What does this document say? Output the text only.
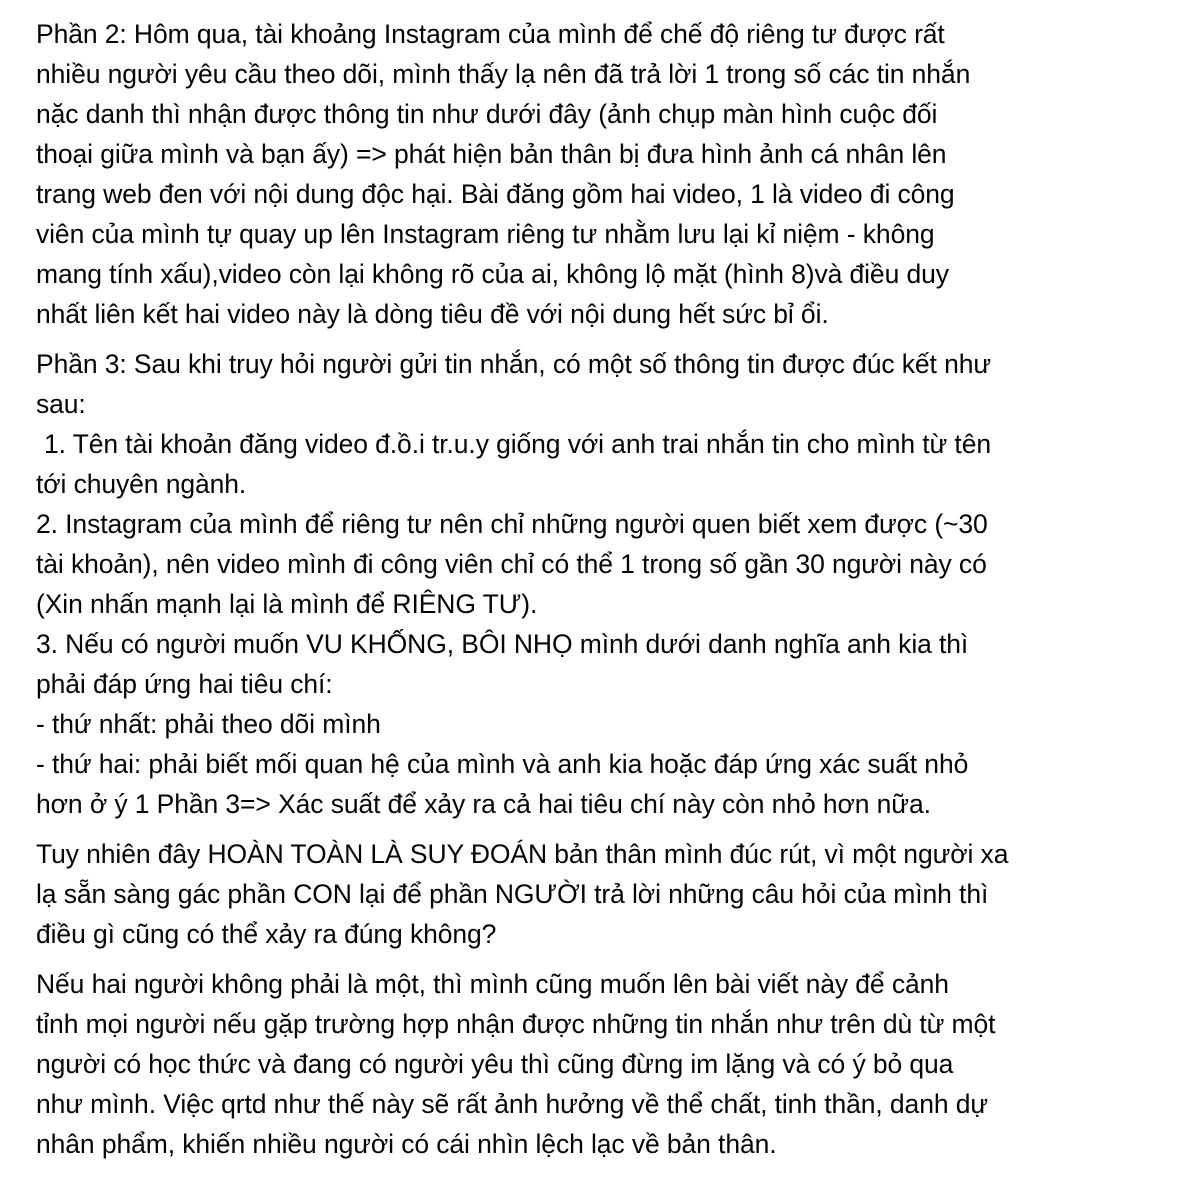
Phần 2: Hôm qua, tài khoảng Instagram của mình để chế độ riêng tư được rất
nhiều người yêu cầu theo dõi, mình thấy lạ nên đã trả lời 1 trong số các tin nhắn
nặc danh thì nhận được thông tin như dưới đây (ảnh chụp màn hình cuộc đối
thoại giữa mình và bạn ấy) => phát hiện bản thân bị đưa hình ảnh cá nhân lên
trang web đen với nội dung độc hại. Bài đăng gồm hai video, 1 là video đi công
viên của mình tự quay up lên Instagram riêng tư nhằm lưu lại kỉ niệm - không
mang tính xấu),video còn lại không rõ của ai, không lộ mặt (hình 8)và điều duy
nhất liên kết hai video này là dòng tiêu đề với nội dung hết sức bỉ ổi.

Phần 3: Sau khi truy hỏi người gửi tin nhắn, có một số thông tin được đúc kết như
sau:
1. Tên tài khoản đăng video đ.ồ.i tr.u.y giống với anh trai nhắn tin cho mình từ tên
tới chuyên ngành.
2. Instagram của mình để riêng tư nên chỉ những người quen biết xem được (~30
tài khoản), nên video mình đi công viên chỉ có thể 1 trong số gần 30 người này có
(Xin nhấn mạnh lại là mình để RIÊNG TƯ).
3. Nếu có người muốn VU KHỐNG, BÔI NHỌ mình dưới danh nghĩa anh kia thì
phải đáp ứng hai tiêu chí:
- thứ nhất: phải theo dõi mình
- thứ hai: phải biết mối quan hệ của mình và anh kia hoặc đáp ứng xác suất nhỏ
hơn ở ý 1 Phần 3=> Xác suất để xảy ra cả hai tiêu chí này còn nhỏ hơn nữa.

Tuy nhiên đây HOÀN TOÀN LÀ SUY ĐOÁN bản thân mình đúc rút, vì một người xa
lạ sẵn sàng gác phần CON lại để phần NGƯỜI trả lời những câu hỏi của mình thì
điều gì cũng có thể xảy ra đúng không?

Nếu hai người không phải là một, thì mình cũng muốn lên bài viết này để cảnh
tỉnh mọi người nếu gặp trường hợp nhận được những tin nhắn như trên dù từ một
người có học thức và đang có người yêu thì cũng đừng im lặng và có ý bỏ qua
như mình. Việc qrtd như thế này sẽ rất ảnh hưởng về thể chất, tinh thần, danh dự
nhân phẩm, khiến nhiều người có cái nhìn lệch lạc về bản thân.
